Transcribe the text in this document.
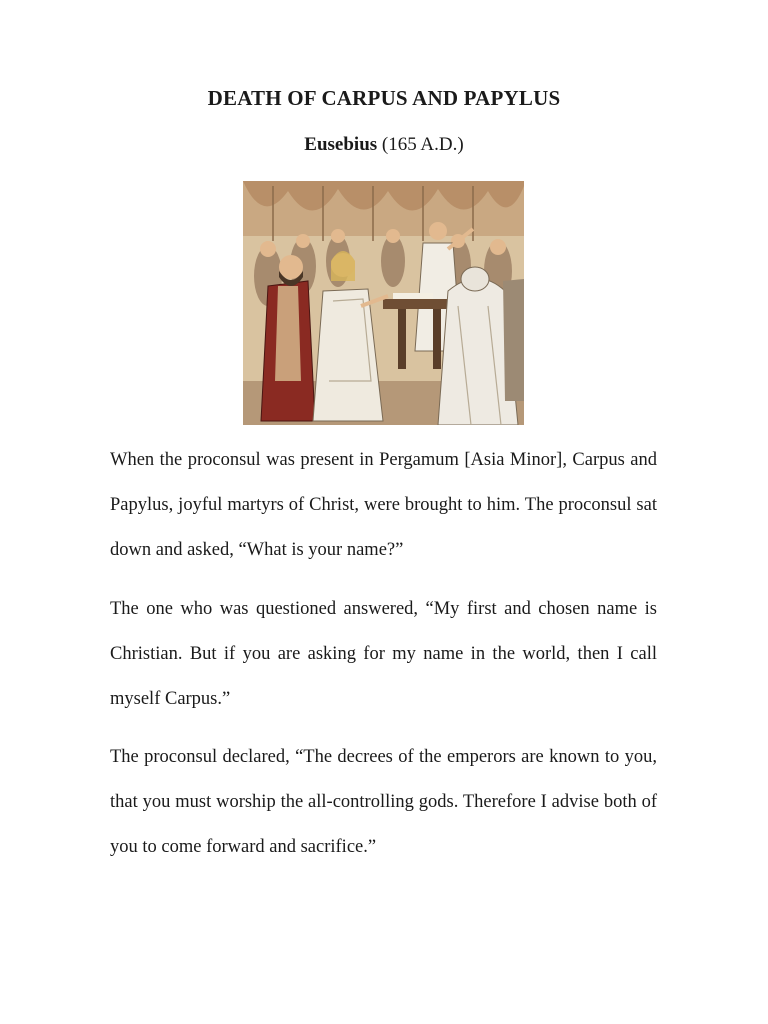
DEATH OF CARPUS AND PAPYLUS
Eusebius (165 A.D.)

When the proconsul was present in Pergamum [Asia Minor], Carpus and Papylus, joyful martyrs of Christ, were brought to him. The proconsul sat down and asked, “What is your name?”

The one who was questioned answered, “My first and chosen name is Christian. But if you are asking for my name in the world, then I call myself Carpus.”

The proconsul declared, “The decrees of the emperors are known to you, that you must worship the all-controlling gods. Therefore I advise both of you to come forward and sacrifice.”
